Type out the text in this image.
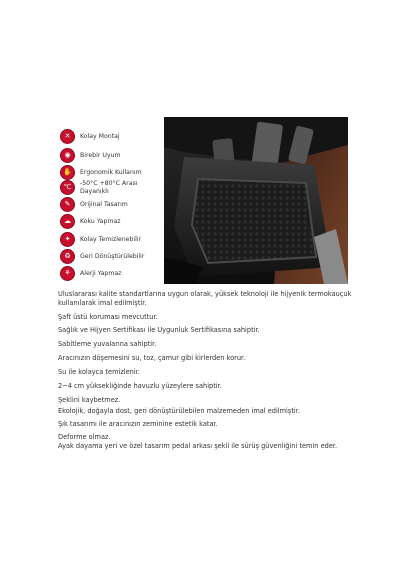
✕ Kolay Montaj
◉ Birebir Uyum
✋ Ergonomik Kullanım
℃ -50°C +80°C Arası
Dayanıklı
✎ Orijinal Tasarım
☁ Koku Yapmaz
✦ Kolay Temizlenebilir
♻ Geri Dönüştürülebilir
⚘ Alerji Yapmaz
Uluslararası kalite standartlarına uygun olarak, yüksek teknoloji ile hijyenik termokauçuk
kullanılarak imal edilmiştir.
Şaft üstü koruması mevcuttur.
Sağlık ve Hijyen Sertifikası ile Uygunluk Sertifikasına sahiptir.
Sabitleme yuvalarına sahiptir.
Aracınızın döşemesini su, toz, çamur gibi kirlerden korur.
Su ile kolayca temizlenir.
2~4 cm yüksekliğinde havuzlu yüzeylere sahiptir.
Şeklini kaybetmez.
Ekolojik, doğayla dost, geri dönüştürülebilen malzemeden imal edilmiştir.
Şık tasarımı ile aracınızın zeminine estetik katar.
Deforme olmaz.
Ayak dayama yeri ve özel tasarım pedal arkası şekli ile sürüş güvenliğini temin eder.
